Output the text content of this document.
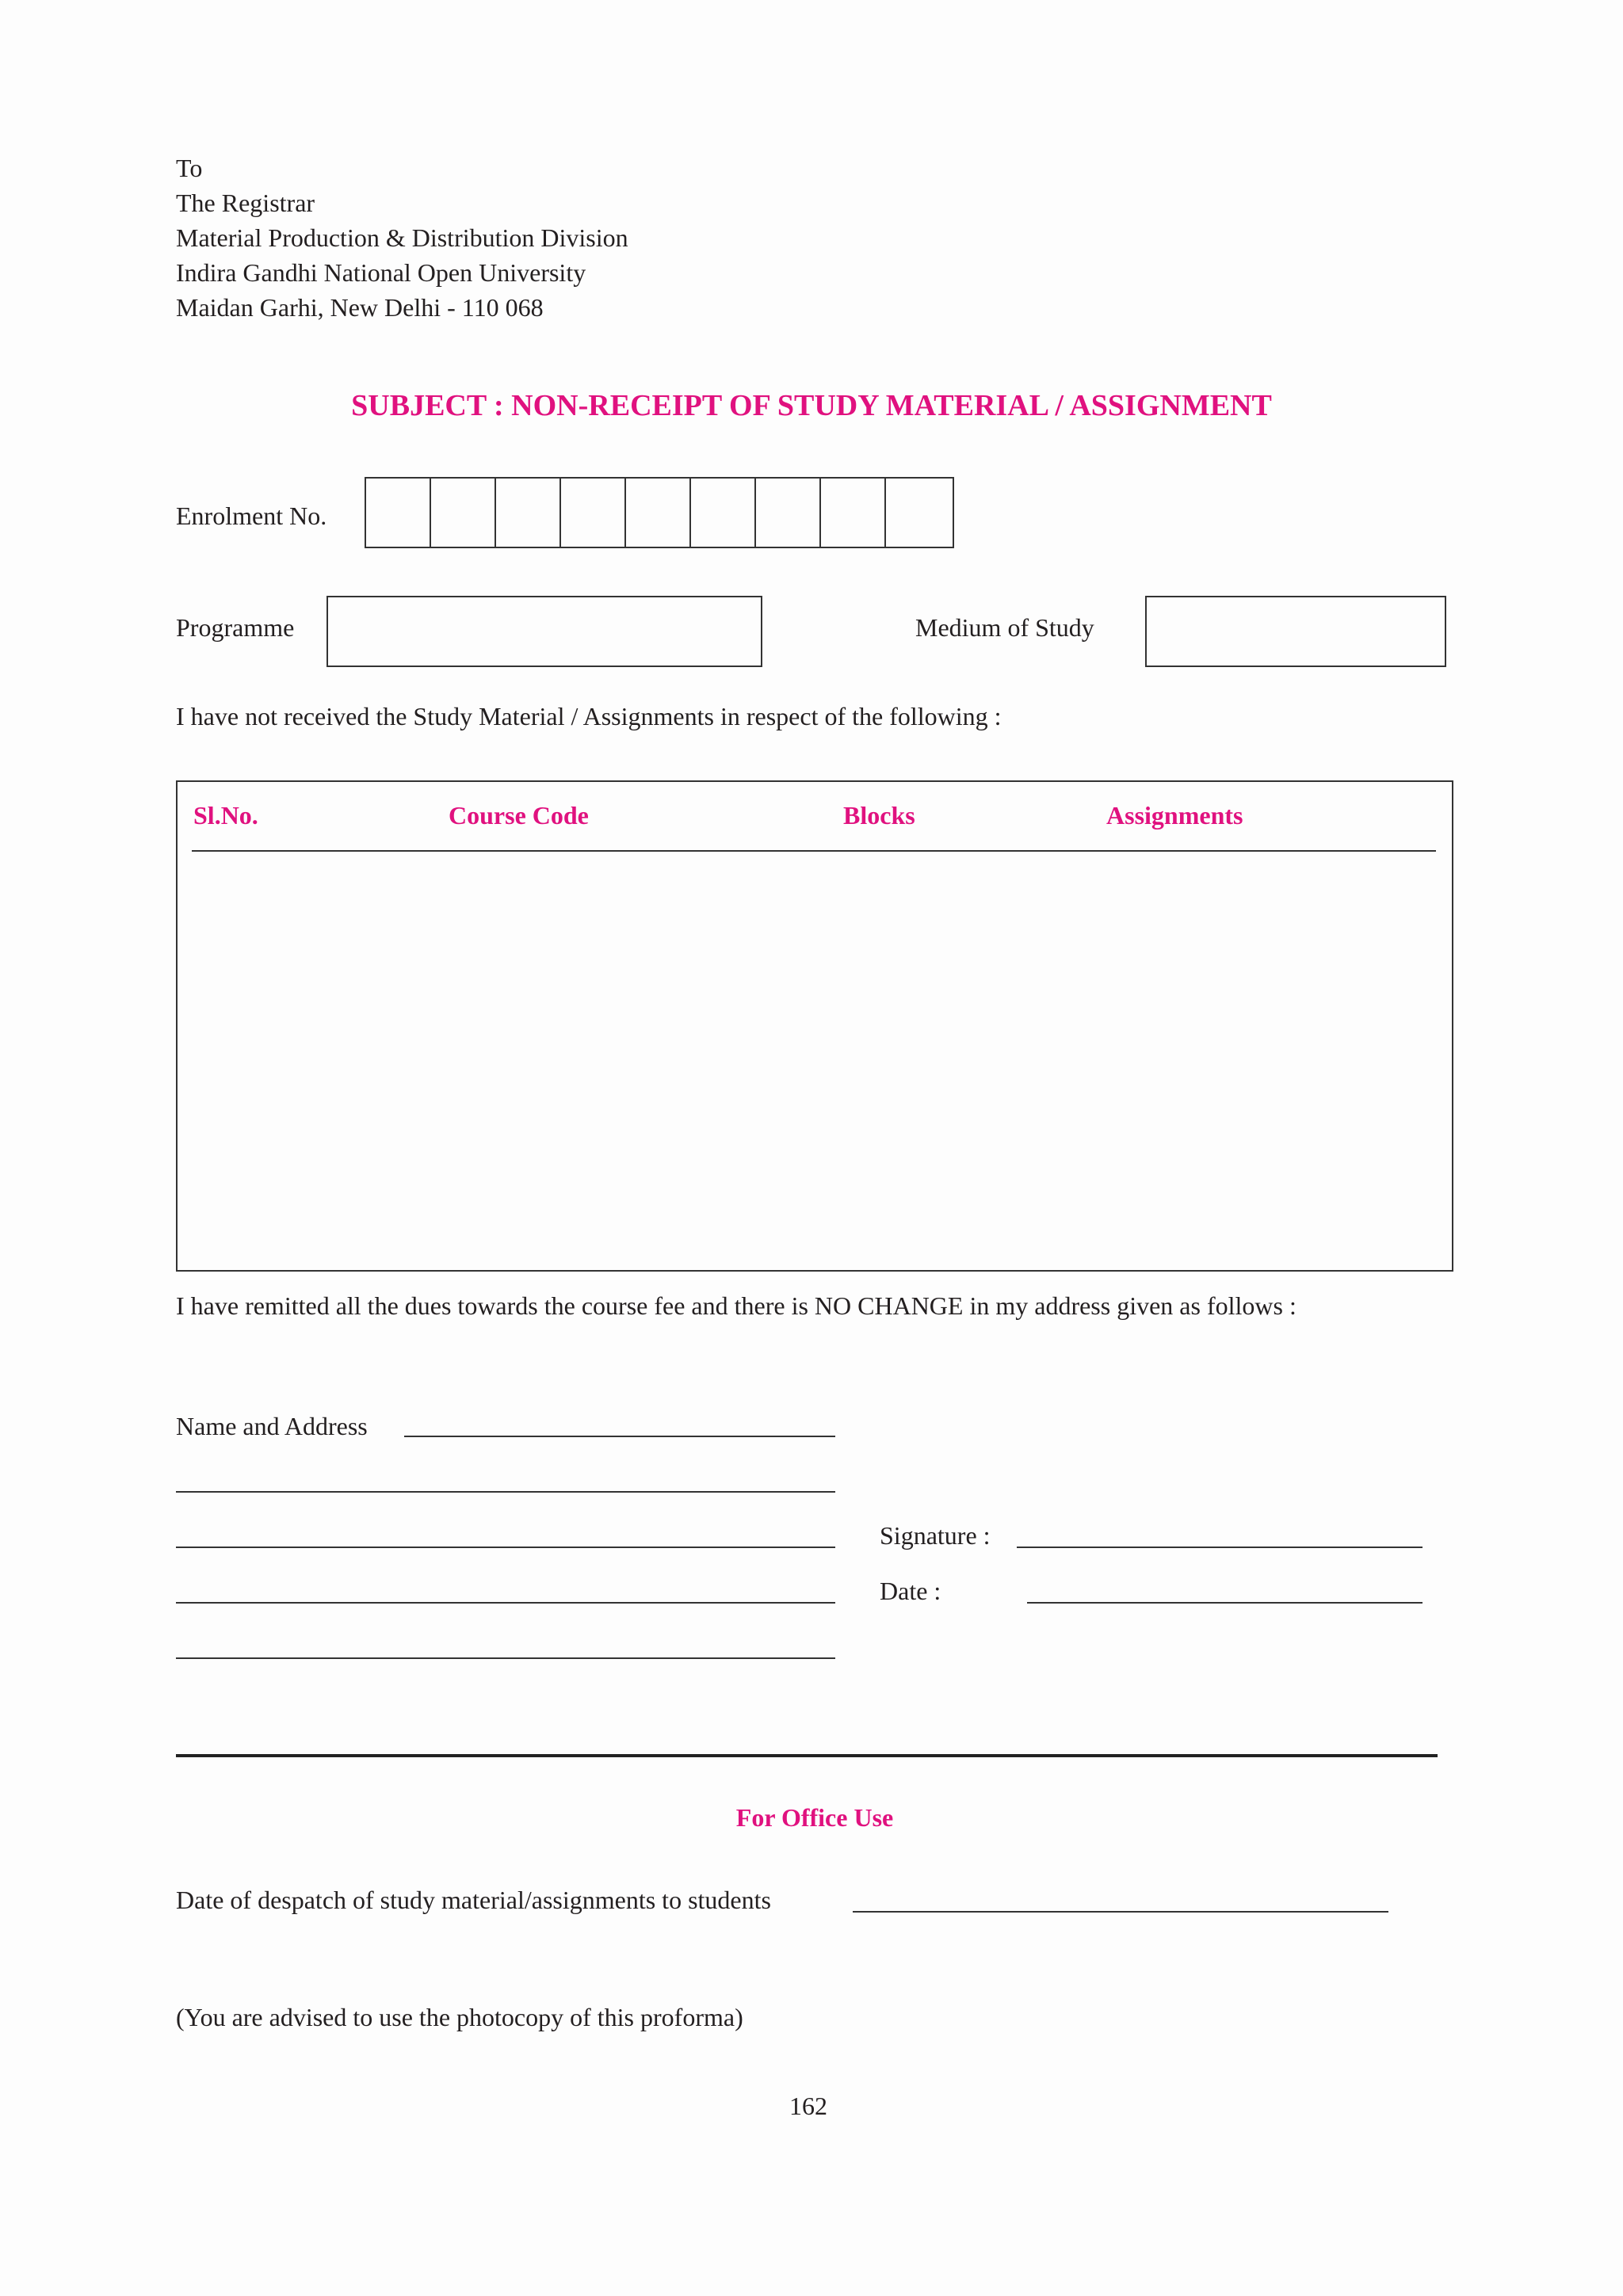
To
The Registrar
Material Production & Distribution Division
Indira Gandhi National Open University
Maidan Garhi, New Delhi - 110 068
SUBJECT : NON-RECEIPT OF STUDY MATERIAL / ASSIGNMENT
Enrolment No.
Programme	Medium of Study
I have not received the Study Material / Assignments in respect of the following :
Sl.No.	Course Code	Blocks	Assignments
I have remitted all the dues towards the course fee and there is NO CHANGE in my address given as follows :
Name and Address
Signature :
Date :
For Office Use
Date of despatch of study material/assignments to students
(You are advised to use the photocopy of this proforma)
162
